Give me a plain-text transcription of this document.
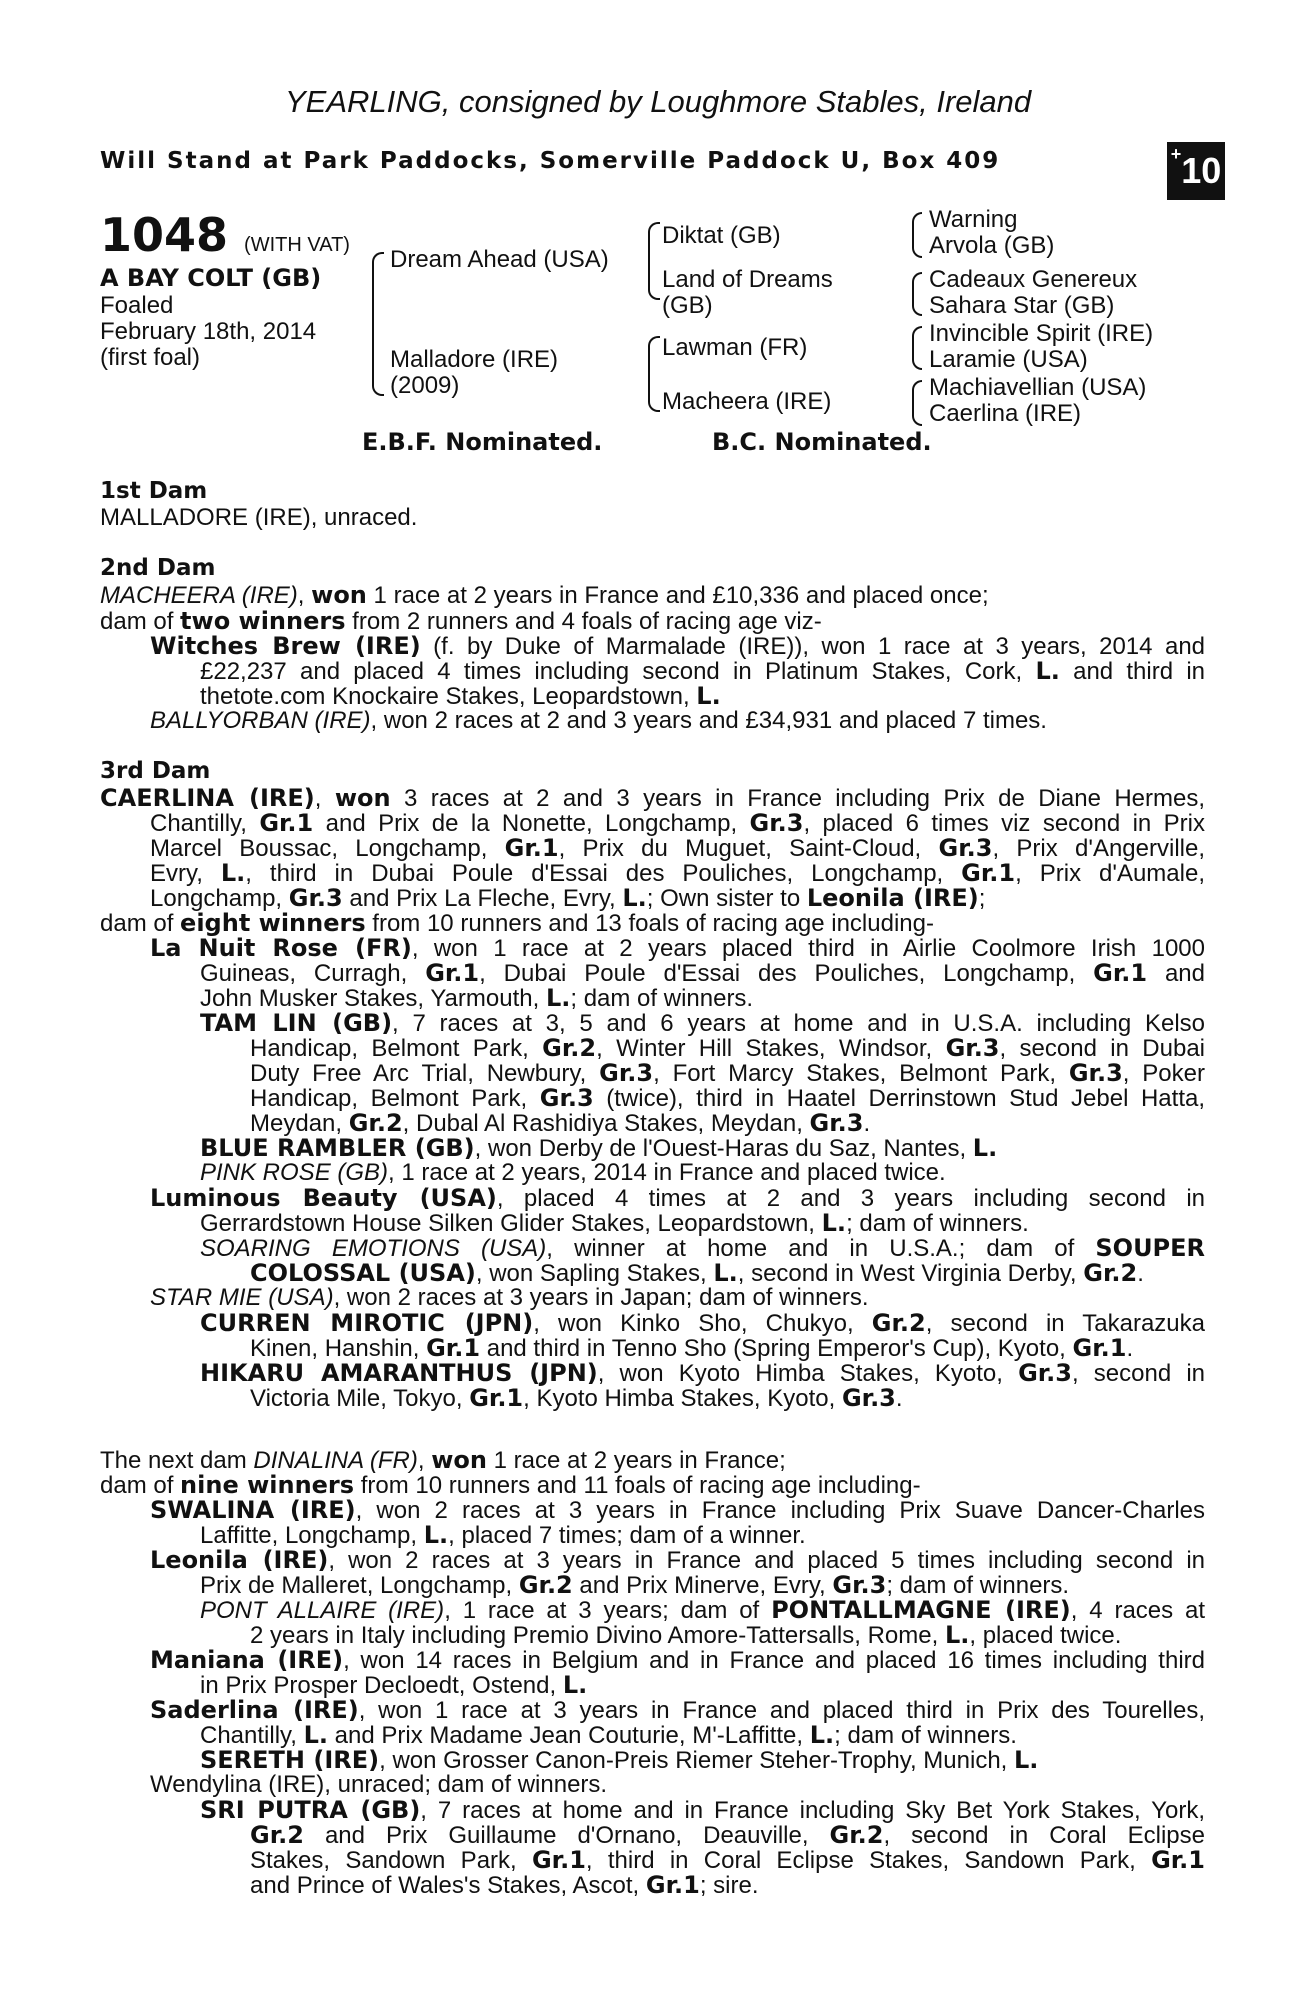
YEARLING, consigned by Loughmore Stables, Ireland
Will Stand at Park Paddocks, Somerville Paddock U, Box 409	+10
1048 (WITH VAT)
A BAY COLT (GB)
Foaled
February 18th, 2014
(first foal)
Dream Ahead (USA)
Malladore (IRE)
(2009)
Diktat (GB)
Land of Dreams
(GB)
Lawman (FR)
Macheera (IRE)
Warning
Arvola (GB)
Cadeaux Genereux
Sahara Star (GB)
Invincible Spirit (IRE)
Laramie (USA)
Machiavellian (USA)
Caerlina (IRE)
E.B.F. Nominated.	B.C. Nominated.
1st Dam
MALLADORE (IRE), unraced.
2nd Dam
MACHEERA (IRE), won 1 race at 2 years in France and £10,336 and placed once;
dam of two winners from 2 runners and 4 foals of racing age viz-
Witches Brew (IRE) (f. by Duke of Marmalade (IRE)), won 1 race at 3 years, 2014 and
£22,237 and placed 4 times including second in Platinum Stakes, Cork, L. and third in
thetote.com Knockaire Stakes, Leopardstown, L.
BALLYORBAN (IRE), won 2 races at 2 and 3 years and £34,931 and placed 7 times.
3rd Dam
CAERLINA (IRE), won 3 races at 2 and 3 years in France including Prix de Diane Hermes,
Chantilly, Gr.1 and Prix de la Nonette, Longchamp, Gr.3, placed 6 times viz second in Prix
Marcel Boussac, Longchamp, Gr.1, Prix du Muguet, Saint-Cloud, Gr.3, Prix d'Angerville,
Evry, L., third in Dubai Poule d'Essai des Pouliches, Longchamp, Gr.1, Prix d'Aumale,
Longchamp, Gr.3 and Prix La Fleche, Evry, L.; Own sister to Leonila (IRE);
dam of eight winners from 10 runners and 13 foals of racing age including-
La Nuit Rose (FR), won 1 race at 2 years placed third in Airlie Coolmore Irish 1000
Guineas, Curragh, Gr.1, Dubai Poule d'Essai des Pouliches, Longchamp, Gr.1 and
John Musker Stakes, Yarmouth, L.; dam of winners.
TAM LIN (GB), 7 races at 3, 5 and 6 years at home and in U.S.A. including Kelso
Handicap, Belmont Park, Gr.2, Winter Hill Stakes, Windsor, Gr.3, second in Dubai
Duty Free Arc Trial, Newbury, Gr.3, Fort Marcy Stakes, Belmont Park, Gr.3, Poker
Handicap, Belmont Park, Gr.3 (twice), third in Haatel Derrinstown Stud Jebel Hatta,
Meydan, Gr.2, Dubal Al Rashidiya Stakes, Meydan, Gr.3.
BLUE RAMBLER (GB), won Derby de l'Ouest-Haras du Saz, Nantes, L.
PINK ROSE (GB), 1 race at 2 years, 2014 in France and placed twice.
Luminous Beauty (USA), placed 4 times at 2 and 3 years including second in
Gerrardstown House Silken Glider Stakes, Leopardstown, L.; dam of winners.
SOARING EMOTIONS (USA), winner at home and in U.S.A.; dam of SOUPER
COLOSSAL (USA), won Sapling Stakes, L., second in West Virginia Derby, Gr.2.
STAR MIE (USA), won 2 races at 3 years in Japan; dam of winners.
CURREN MIROTIC (JPN), won Kinko Sho, Chukyo, Gr.2, second in Takarazuka
Kinen, Hanshin, Gr.1 and third in Tenno Sho (Spring Emperor's Cup), Kyoto, Gr.1.
HIKARU AMARANTHUS (JPN), won Kyoto Himba Stakes, Kyoto, Gr.3, second in
Victoria Mile, Tokyo, Gr.1, Kyoto Himba Stakes, Kyoto, Gr.3.
The next dam DINALINA (FR), won 1 race at 2 years in France;
dam of nine winners from 10 runners and 11 foals of racing age including-
SWALINA (IRE), won 2 races at 3 years in France including Prix Suave Dancer-Charles
Laffitte, Longchamp, L., placed 7 times; dam of a winner.
Leonila (IRE), won 2 races at 3 years in France and placed 5 times including second in
Prix de Malleret, Longchamp, Gr.2 and Prix Minerve, Evry, Gr.3; dam of winners.
PONT ALLAIRE (IRE), 1 race at 3 years; dam of PONTALLMAGNE (IRE), 4 races at
2 years in Italy including Premio Divino Amore-Tattersalls, Rome, L., placed twice.
Maniana (IRE), won 14 races in Belgium and in France and placed 16 times including third
in Prix Prosper Decloedt, Ostend, L.
Saderlina (IRE), won 1 race at 3 years in France and placed third in Prix des Tourelles,
Chantilly, L. and Prix Madame Jean Couturie, M'-Laffitte, L.; dam of winners.
SERETH (IRE), won Grosser Canon-Preis Riemer Steher-Trophy, Munich, L.
Wendylina (IRE), unraced; dam of winners.
SRI PUTRA (GB), 7 races at home and in France including Sky Bet York Stakes, York,
Gr.2 and Prix Guillaume d'Ornano, Deauville, Gr.2, second in Coral Eclipse
Stakes, Sandown Park, Gr.1, third in Coral Eclipse Stakes, Sandown Park, Gr.1
and Prince of Wales's Stakes, Ascot, Gr.1; sire.
